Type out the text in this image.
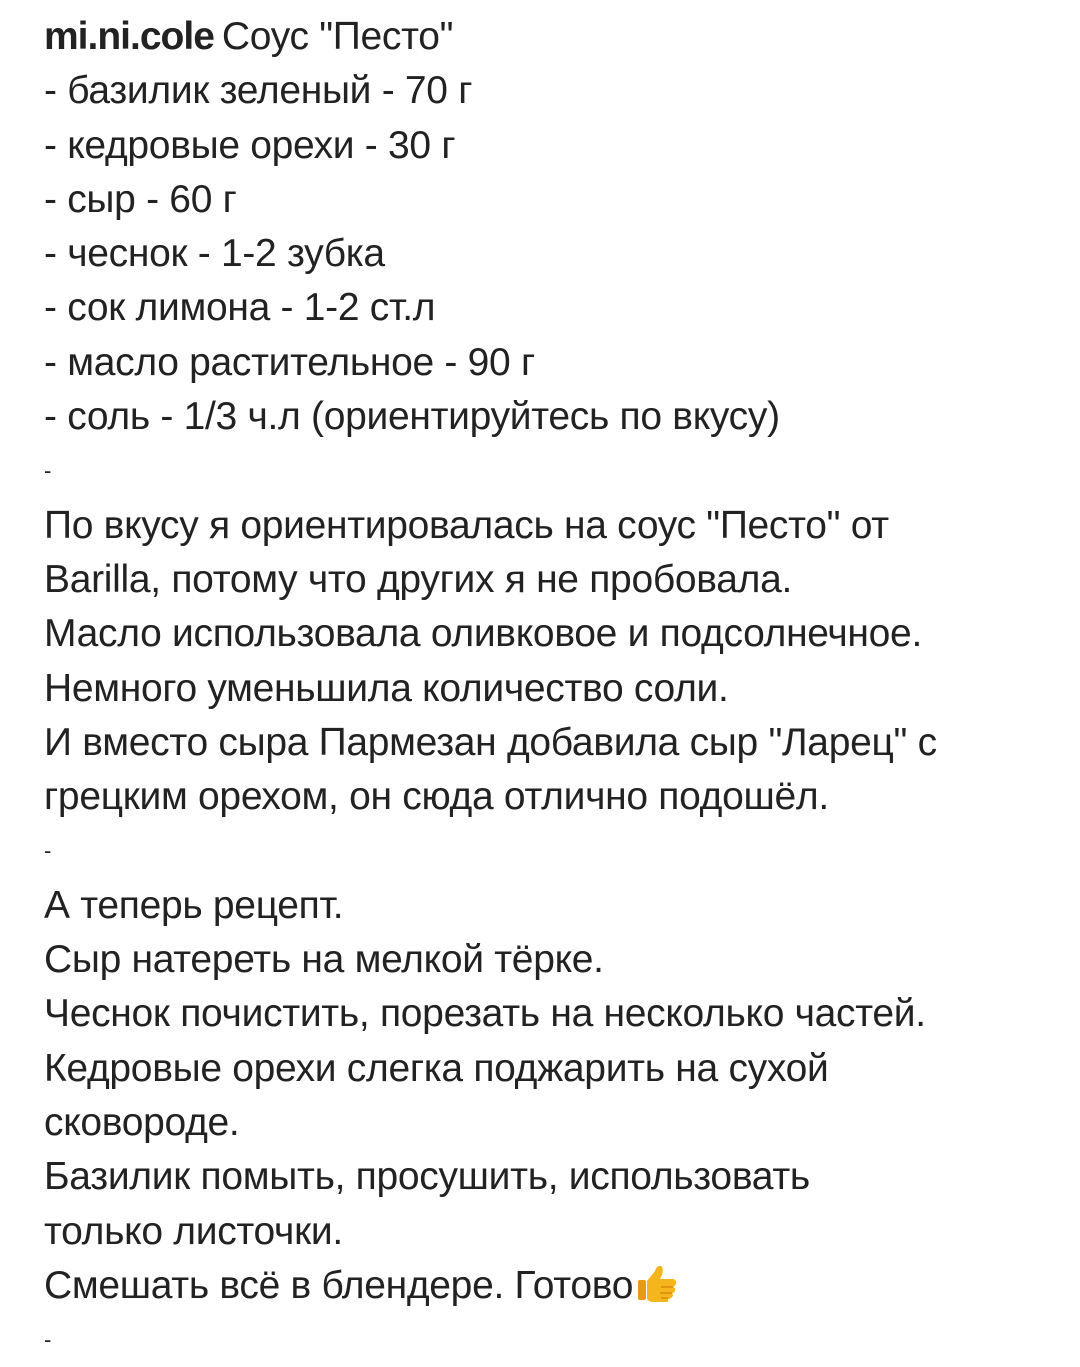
mi.ni.cole Соус "Песто"
- базилик зеленый - 70 г
- кедровые орехи - 30 г
- сыр - 60 г
- чеснок - 1-2 зубка
- сок лимона - 1-2 ст.л
- масло растительное - 90 г
- соль - 1/3 ч.л (ориентируйтесь по вкусу)
-
По вкусу я ориентировалась на соус "Песто" от
Barilla, потому что других я не пробовала.
Масло использовала оливковое и подсолнечное.
Немного уменьшила количество соли.
И вместо сыра Пармезан добавила сыр "Ларец" с
грецким орехом, он сюда отлично подошёл.
-
А теперь рецепт.
Сыр натереть на мелкой тёрке.
Чеснок почистить, порезать на несколько частей.
Кедровые орехи слегка поджарить на сухой
сковороде.
Базилик помыть, просушить, использовать
только листочки.
Смешать всё в блендере. Готово
-
